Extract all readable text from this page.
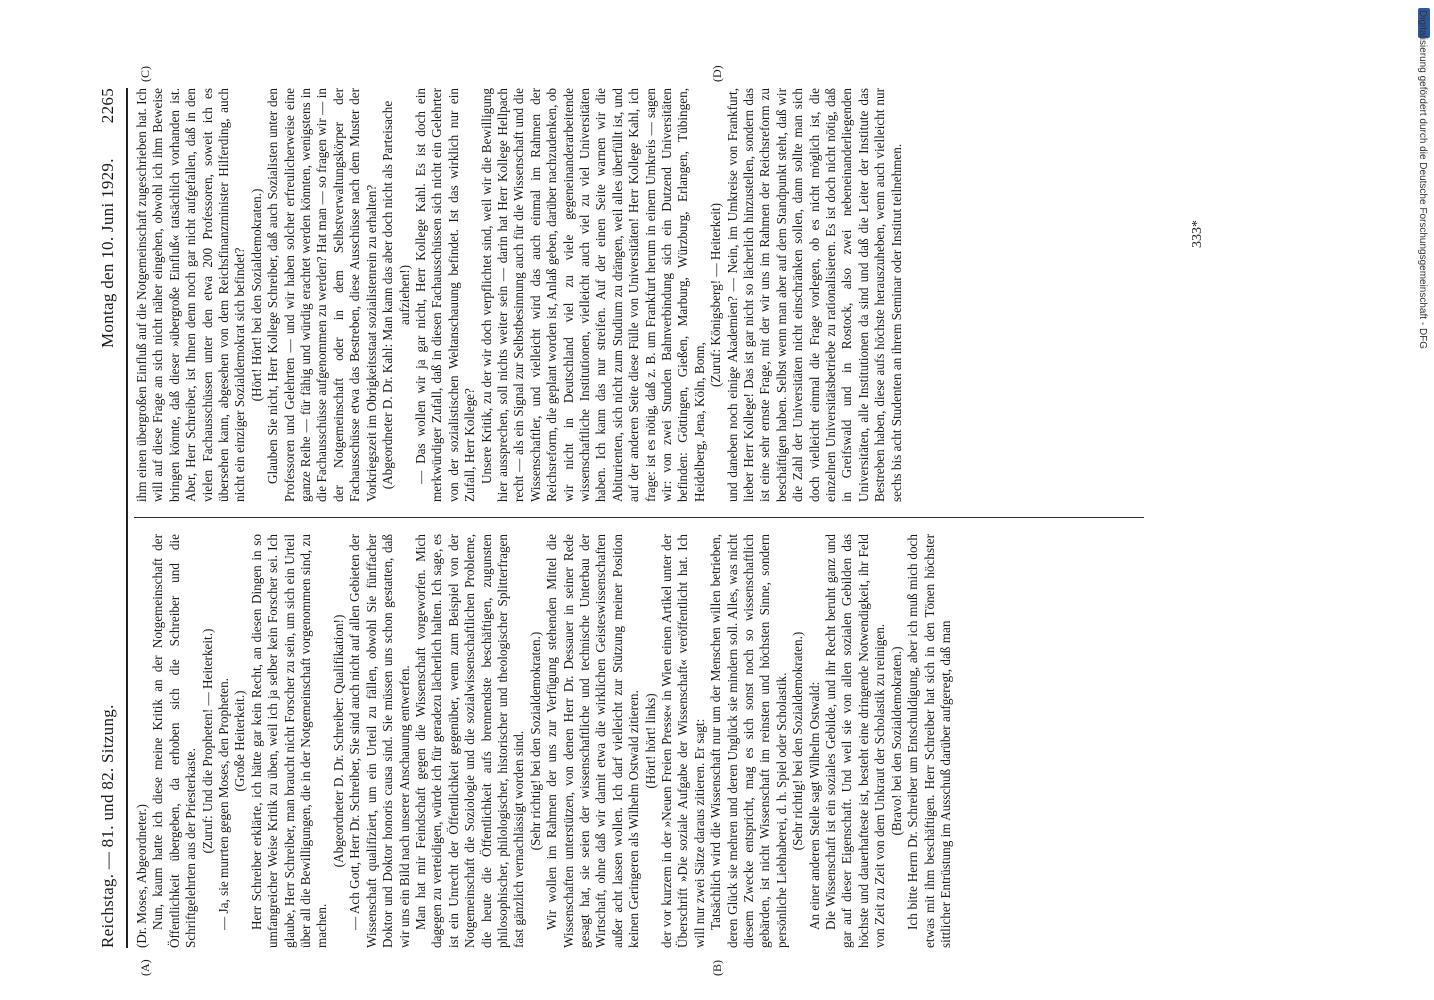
Reichstag. — 81. und 82. Sitzung.
Montag den 10. Juni 1929.
2265

(Dr. Moses, Abgeordneter.) Nun, kaum hatte ich diese meine Kritik an der Notgemeinschaft der Öffentlichkeit übergeben, da erhoben sich die Schreiber und die Schriftgelehrten aus der Priesterkaste. (Zuruf: Und die Propheten! — Heiterkeit.) — Ja, sie murrten gegen Moses, den Propheten. (Große Heiterkeit.) Herr Schreiber erklärte, ich hätte gar kein Recht, an diesen Dingen in so umfangreicher Weise Kritik zu üben, weil ich ja selber kein Forscher sei. Ich glaube, Herr Schreiber, man braucht nicht Forscher zu sein, um sich ein Urteil über all die Bewilligungen, die in der Notgemeinschaft vorgenommen sind, zu machen.

(Abgeordneter D. Dr. Schreiber: Qualifikation!) — Ach Gott, Herr Dr. Schreiber, Sie sind auch nicht auf allen Gebieten der Wissenschaft qualifiziert, um ein Urteil zu fällen, obwohl Sie fünffacher Doktor und Doktor honoris causa sind. Sie müssen uns schon gestatten, daß wir uns ein Bild nach unserer Anschauung entwerfen. Man hat mir Feindschaft gegen die Wissenschaft vorgeworfen. Mich dagegen zu verteidigen, würde ich für geradezu lächerlich halten. Ich sage, es ist ein Unrecht der Öffentlichkeit gegenüber, wenn zum Beispiel von der Notgemeinschaft die Soziologie und die sozialwissenschaftlichen Probleme, die heute die Öffentlichkeit aufs brennendste beschäftigen, zugunsten philosophischer, philologischer, historischer und theologischer Splitterfragen fast gänzlich vernachlässigt worden sind. (Sehr richtig! bei den Sozialdemokraten.) Wir wollen im Rahmen der uns zur Verfügung stehenden Mittel die Wissenschaften unterstützen, von denen Herr Dr. Dessauer in seiner Rede gesagt hat, sie seien der wissenschaftliche und technische Unterbau der Wirtschaft, ohne daß wir damit etwa die wirklichen Geisteswissenschaften außer acht lassen wollen. Ich darf vielleicht zur Stützung meiner Position keinen Geringeren als Wilhelm Ostwald zitieren. (Hört! hört! links) der vor kurzem in der »Neuen Freien Presse« in Wien einen Artikel unter der Überschrift »Die soziale Aufgabe der Wissenschaft« veröffentlicht hat. Ich will nur zwei Sätze daraus zitieren. Er sagt: Tatsächlich wird die Wissenschaft nur um der Menschen willen betrieben, deren Glück sie mehren und deren Unglück sie mindern soll. Alles, was nicht diesem Zwecke entspricht, mag es sich sonst noch so wissenschaftlich gebärden, ist nicht Wissenschaft im reinsten und höchsten Sinne, sondern persönliche Liebhaberei, d. h. Spiel oder Scholastik. (Sehr richtig! bei den Sozialdemokraten.) An einer anderen Stelle sagt Wilhelm Ostwald: Die Wissenschaft ist ein soziales Gebilde, und ihr Recht beruht ganz und gar auf dieser Eigenschaft. Und weil sie von allen sozialen Gebilden das höchste und dauerhafteste ist, besteht eine dringende Notwendigkeit, ihr Feld von Zeit zu Zeit von dem Unkraut der Scholastik zu reinigen. (Bravo! bei den Sozialdemokraten.) Ich bitte Herrn Dr. Schreiber um Entschuldigung, aber ich muß mich doch etwas mit ihm beschäftigen. Herr Schreiber hat sich in den Tönen höchster sittlicher Entrüstung im Ausschuß darüber aufgeregt, daß man

ihm einen übergroßen Einfluß auf die Notgemeinschaft zugeschrieben hat. Ich will auf diese Frage an sich nicht näher eingehen, obwohl ich ihm Beweise bringen könnte, daß dieser »übergroße Einfluß« tatsächlich vorhanden ist. Aber, Herr Schreiber, ist Ihnen denn noch gar nicht aufgefallen, daß in den vielen Fachausschüssen unter den etwa 200 Professoren, soweit ich es übersehen kann, abgesehen von dem Reichsfinanzminister Hilferding, auch nicht ein einziger Sozialdemokrat sich befindet? (Hört! Hört! bei den Sozialdemokraten.) Glauben Sie nicht, Herr Kollege Schreiber, daß auch Sozialisten unter den Professoren und Gelehrten — und wir haben solcher erfreulicherweise eine ganze Reihe — für fähig und würdig erachtet werden könnten, wenigstens in die Fachausschüsse aufgenommen zu werden? Hat man — so fragen wir — in der Notgemeinschaft oder in dem Selbstverwaltungskörper der Fachausschüsse etwa das Bestreben, diese Ausschüsse nach dem Muster der Vorkriegszeit im Obrigkeitsstaat sozialistenrein zu erhalten? (Abgeordneter D. Dr. Kahl: Man kann das aber doch nicht als Parteisache aufziehen!) — Das wollen wir ja gar nicht, Herr Kollege Kahl. Es ist doch ein merkwürdiger Zufall, daß in diesen Fachausschüssen sich nicht ein Gelehrter von der sozialistischen Weltanschauung befindet. Ist das wirklich nur ein Zufall, Herr Kollege? Unsere Kritik, zu der wir doch verpflichtet sind, weil wir die Bewilligung hier aussprechen, soll nichts weiter sein — darin hat Herr Kollege Hellpach recht — als ein Signal zur Selbstbesinnung auch für die Wissenschaft und die Wissenschaftler, und vielleicht wird das auch einmal im Rahmen der Reichsreform, die geplant worden ist, Anlaß geben, darüber nachzudenken, ob wir nicht in Deutschland viel zu viele gegeneinanderarbeitende wissenschaftliche Institutionen, vielleicht auch viel zu viel Universitäten haben. Ich kann das nur streifen. Auf der einen Seite warnen wir die Abiturienten, sich nicht zum Studium zu drängen, weil alles überfüllt ist, und auf der anderen Seite diese Fülle von Universitäten! Herr Kollege Kahl, ich frage: ist es nötig, daß z. B. um Frankfurt herum in einem Umkreis — sagen wir: von zwei Stunden Bahnverbindung sich ein Dutzend Universitäten befinden: Göttingen, Gießen, Marburg, Würzburg, Erlangen, Tübingen, Heidelberg, Jena, Köln, Bonn,

(Zuruf: Königsberg! — Heiterkeit) und daneben noch einige Akademien? — Nein, im Umkreise von Frankfurt, lieber Herr Kollege! Das ist gar nicht so lächerlich hinzustellen, sondern das ist eine sehr ernste Frage, mit der wir uns im Rahmen der Reichsreform zu beschäftigen haben. Selbst wenn man aber auf dem Standpunkt steht, daß wir die Zahl der Universitäten nicht einschränken sollen, dann sollte man sich doch vielleicht einmal die Frage vorlegen, ob es nicht möglich ist, die einzelnen Universitätsbetriebe zu rationalisieren. Es ist doch nicht nötig, daß in Greifswald und in Rostock, also zwei nebeneinanderliegenden Universitäten, alle Institutionen da sind und daß die Leiter der Institute das Bestreben haben, diese aufs höchste herauszuheben, wenn auch vielleicht nur sechs bis acht Studenten an ihrem Seminar oder Institut teilnehmen.

(A)	(B)
(C)	(D)
333*	Digitalisierung gefördert durch die Deutsche Forschungsgemeinschaft - DFG
